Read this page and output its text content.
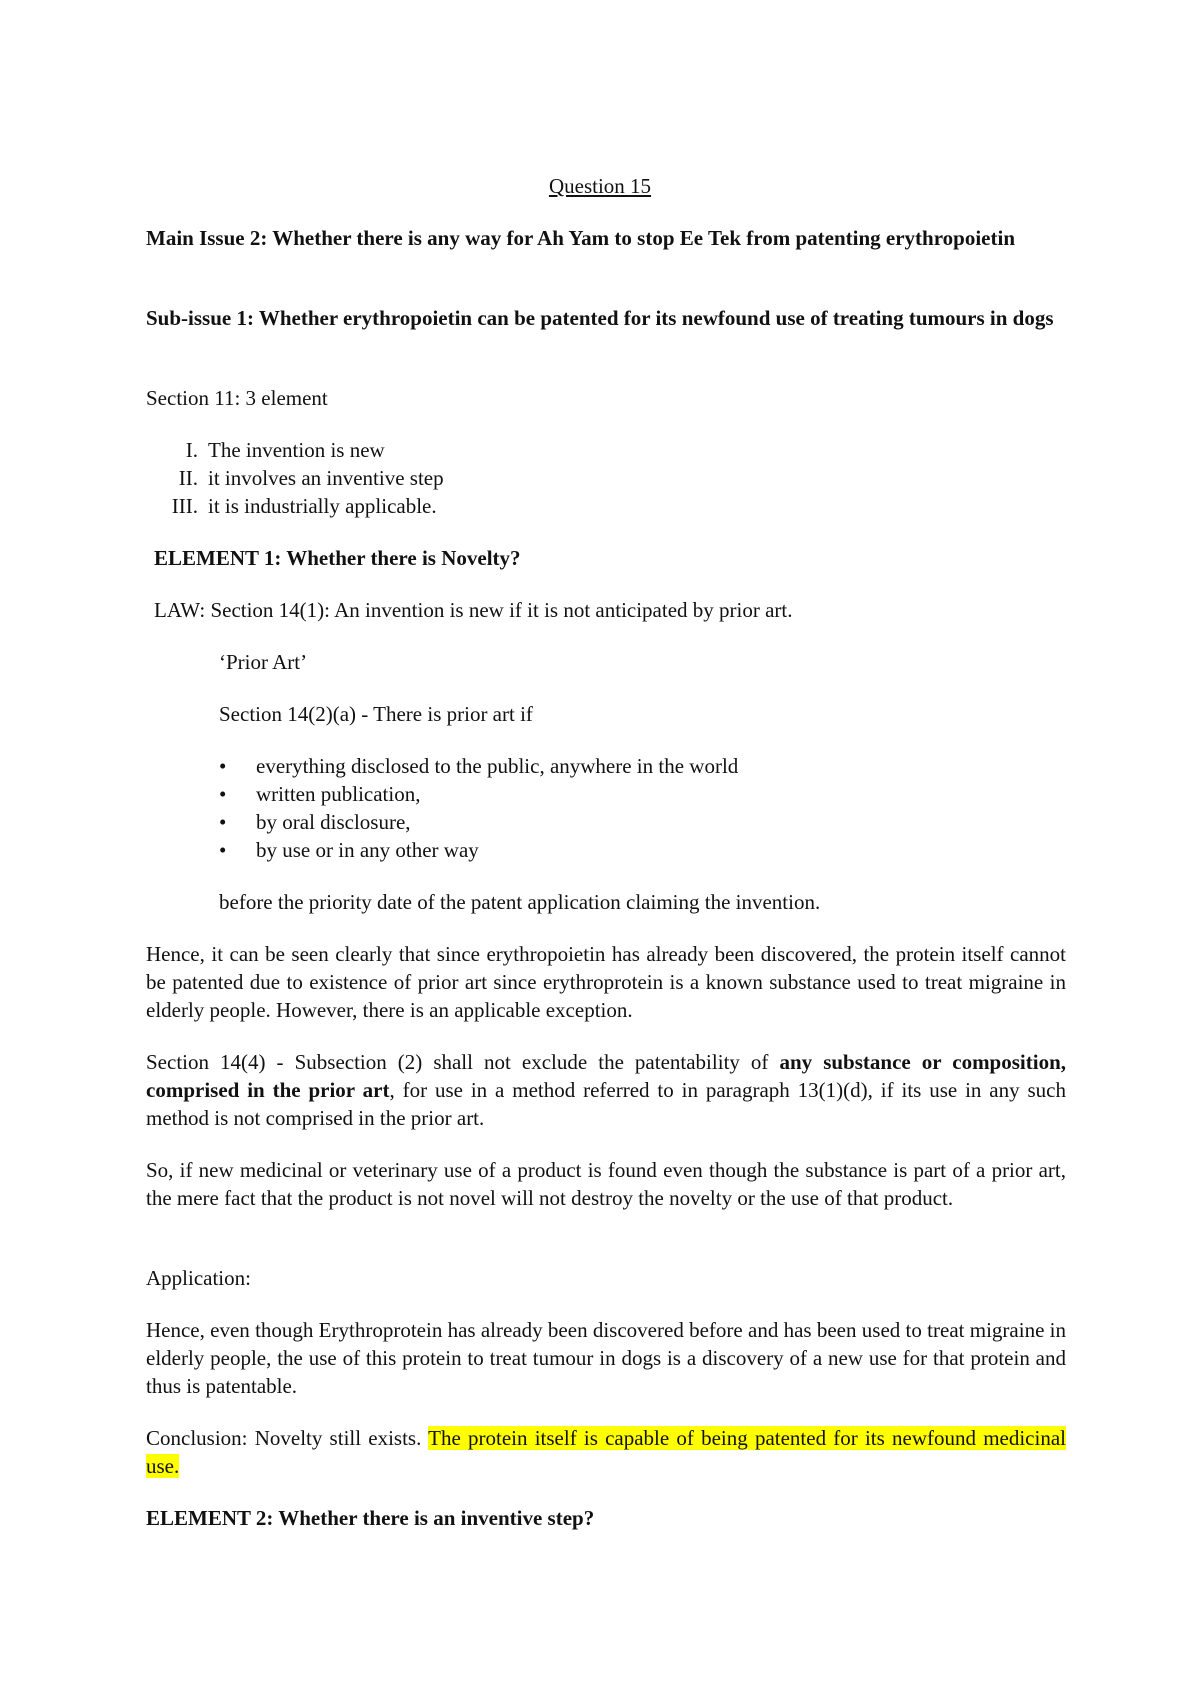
Question 15

Main Issue 2: Whether there is any way for Ah Yam to stop Ee Tek from patenting erythropoietin

Sub-issue 1: Whether erythropoietin can be patented for its newfound use of treating tumours in dogs

Section 11: 3 element

I. The invention is new
II. it involves an inventive step
III. it is industrially applicable.

ELEMENT 1: Whether there is Novelty?

LAW: Section 14(1): An invention is new if it is not anticipated by prior art.

‘Prior Art’

Section 14(2)(a) - There is prior art if

•	everything disclosed to the public, anywhere in the world
•	written publication,
•	by oral disclosure,
•	by use or in any other way

before the priority date of the patent application claiming the invention.

Hence, it can be seen clearly that since erythropoietin has already been discovered, the protein itself cannot be patented due to existence of prior art since erythroprotein is a known substance used to treat migraine in elderly people. However, there is an applicable exception.

Section 14(4) - Subsection (2) shall not exclude the patentability of any substance or composition, comprised in the prior art, for use in a method referred to in paragraph 13(1)(d), if its use in any such method is not comprised in the prior art.

So, if new medicinal or veterinary use of a product is found even though the substance is part of a prior art, the mere fact that the product is not novel will not destroy the novelty or the use of that product.

Application:

Hence, even though Erythroprotein has already been discovered before and has been used to treat migraine in elderly people, the use of this protein to treat tumour in dogs is a discovery of a new use for that protein and thus is patentable.

Conclusion: Novelty still exists. The protein itself is capable of being patented for its newfound medicinal use.

ELEMENT 2: Whether there is an inventive step?
